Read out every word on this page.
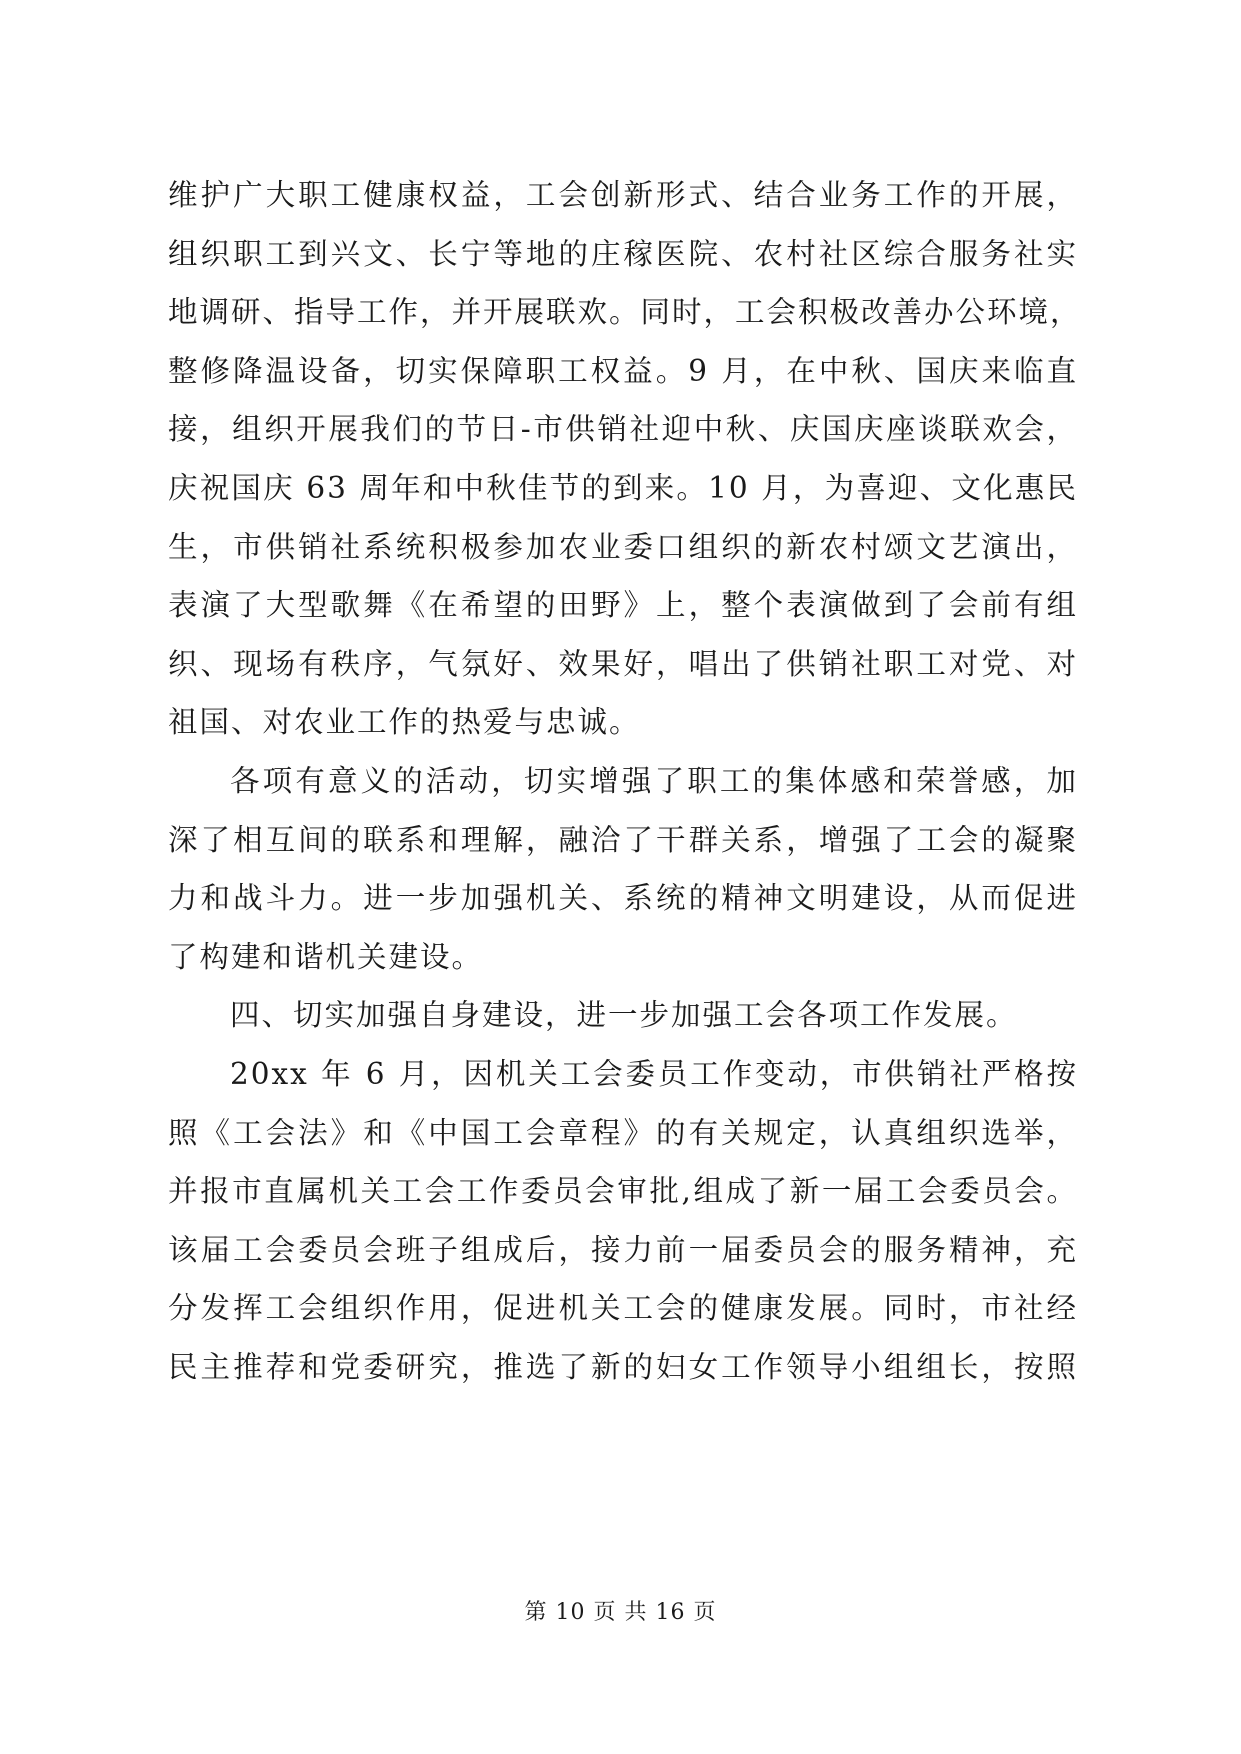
维护广大职工健康权益，工会创新形式、结合业务工作的开展，
组织职工到兴文、长宁等地的庄稼医院、农村社区综合服务社实
地调研、指导工作，并开展联欢。同时，工会积极改善办公环境，
整修降温设备，切实保障职工权益。9 月，在中秋、国庆来临直
接，组织开展我们的节日-市供销社迎中秋、庆国庆座谈联欢会，
庆祝国庆 63 周年和中秋佳节的到来。10 月，为喜迎、文化惠民
生，市供销社系统积极参加农业委口组织的新农村颂文艺演出，
表演了大型歌舞《在希望的田野》上，整个表演做到了会前有组
织、现场有秩序，气氛好、效果好，唱出了供销社职工对党、对
祖国、对农业工作的热爱与忠诚。

各项有意义的活动，切实增强了职工的集体感和荣誉感，加
深了相互间的联系和理解，融洽了干群关系，增强了工会的凝聚
力和战斗力。进一步加强机关、系统的精神文明建设，从而促进
了构建和谐机关建设。

四、切实加强自身建设，进一步加强工会各项工作发展。

20xx 年 6 月，因机关工会委员工作变动，市供销社严格按
照《工会法》和《中国工会章程》的有关规定，认真组织选举，
并报市直属机关工会工作委员会审批,组成了新一届工会委员会。
该届工会委员会班子组成后，接力前一届委员会的服务精神，充
分发挥工会组织作用，促进机关工会的健康发展。同时，市社经
民主推荐和党委研究，推选了新的妇女工作领导小组组长，按照

第 10 页 共 16 页
